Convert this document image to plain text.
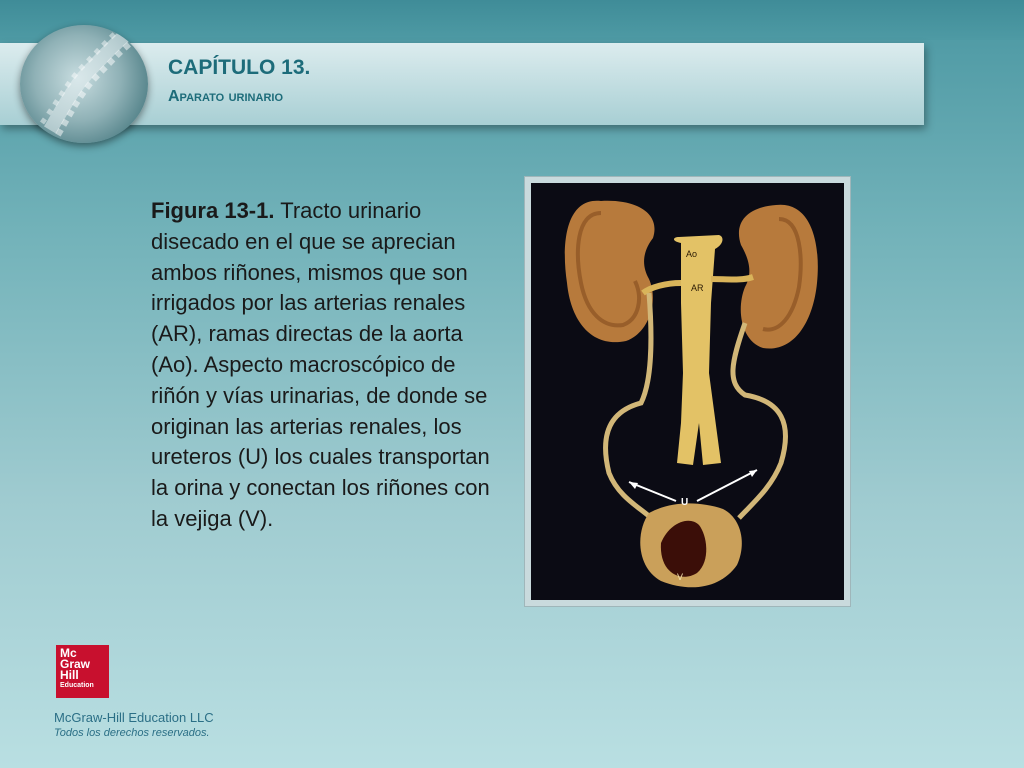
CAPÍTULO 13.
Aparato urinario
Figura 13-1. Tracto urinario disecado en el que se aprecian ambos riñones, mismos que son irrigados por las arterias renales (AR), ramas directas de la aorta (Ao). Aspecto macroscópico de riñón y vías urinarias, de donde se originan las arterias renales, los ureteros (U) los cuales transportan la orina y conectan los riñones con la vejiga (V).
Ao
AR
U
V
Mc
Graw
Hill
Education
McGraw-Hill Education LLC
Todos los derechos reservados.
